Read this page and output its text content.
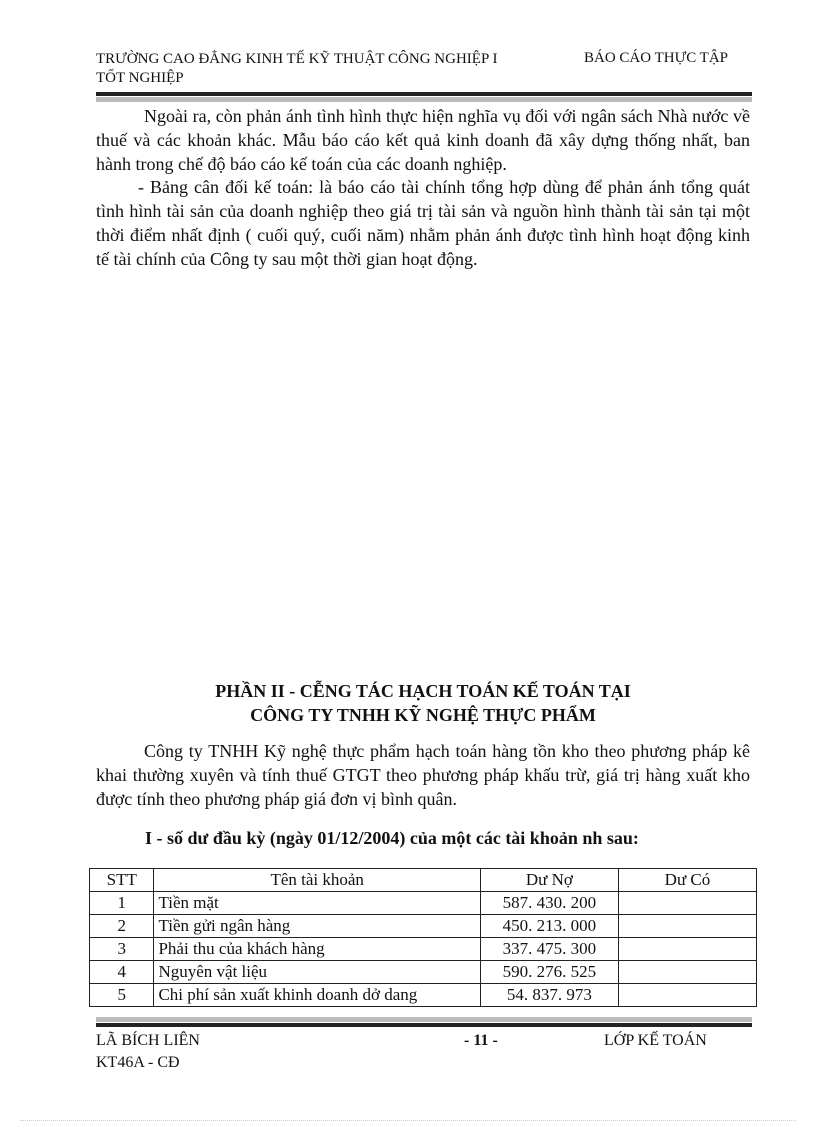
TRƯỜNG CAO ĐẲNG KINH TẾ KỸ THUẬT CÔNG NGHIỆP I
TỐT NGHIỆP
BÁO CÁO THỰC TẬP

Ngoài ra, còn phản ánh tình hình thực hiện nghĩa vụ đối với ngân sách Nhà nước về thuế và các khoản khác. Mẫu báo cáo kết quả kinh doanh đã xây dựng thống nhất, ban hành trong chế độ báo cáo kế toán của các doanh nghiệp.

- Bảng cân đối kế toán: là báo cáo tài chính tổng hợp dùng để phản ánh tổng quát tình hình tài sản của doanh nghiệp theo giá trị tài sản và nguồn hình thành tài sản tại một thời điểm nhất định ( cuối quý, cuối năm) nhằm phản ánh được tình hình hoạt động kinh tế tài chính của Công ty sau một thời gian hoạt động.

PHẦN II - CỄNG TÁC HẠCH TOÁN KẾ TOÁN TẠI
CÔNG TY TNHH KỸ NGHỆ THỰC PHẨM

Công ty TNHH Kỹ nghệ thực phẩm hạch toán hàng tồn kho theo phương pháp kê khai thường xuyên và tính thuế GTGT theo phương pháp khấu trừ, giá trị hàng xuất kho được tính theo phương pháp giá đơn vị bình quân.

I - số dư đầu kỳ (ngày 01/12/2004) của một các tài khoản nh sau:
STT	Tên tài khoản	Dư Nợ	Dư Có
1	Tiền mặt	587. 430. 200	
2	Tiền gửi ngân hàng	450. 213. 000	
3	Phải thu của khách hàng	337. 475. 300	
4	Nguyên vật liệu	590. 276. 525	
5	Chi phí sản xuất khinh doanh dở dang	54. 837. 973	
LÃ BÍCH LIÊN
KT46A - CĐ
- 11 -	LỚP KẾ TOÁN
